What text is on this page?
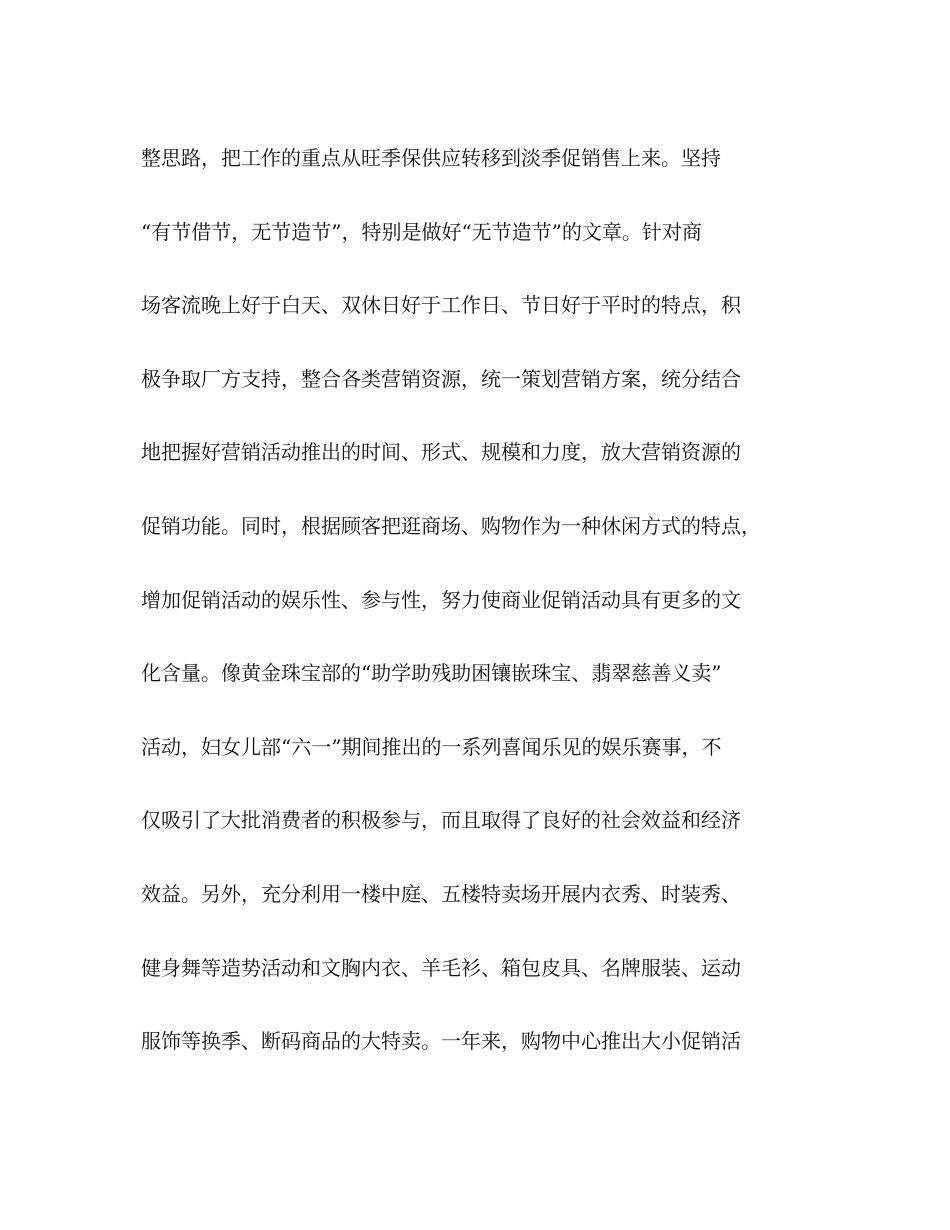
整思路，把工作的重点从旺季保供应转移到淡季促销售上来。坚持

“有节借节，无节造节”，特别是做好“无节造节”的文章。针对商

场客流晚上好于白天、双休日好于工作日、节日好于平时的特点，积

极争取厂方支持，整合各类营销资源，统一策划营销方案，统分结合

地把握好营销活动推出的时间、形式、规模和力度，放大营销资源的

促销功能。同时，根据顾客把逛商场、购物作为一种休闲方式的特点，

增加促销活动的娱乐性、参与性，努力使商业促销活动具有更多的文

化含量。像黄金珠宝部的“助学助残助困镶嵌珠宝、翡翠慈善义卖”

活动，妇女儿部“六一”期间推出的一系列喜闻乐见的娱乐赛事，不

仅吸引了大批消费者的积极参与，而且取得了良好的社会效益和经济

效益。另外，充分利用一楼中庭、五楼特卖场开展内衣秀、时装秀、

健身舞等造势活动和文胸内衣、羊毛衫、箱包皮具、名牌服装、运动

服饰等换季、断码商品的大特卖。一年来，购物中心推出大小促销活
